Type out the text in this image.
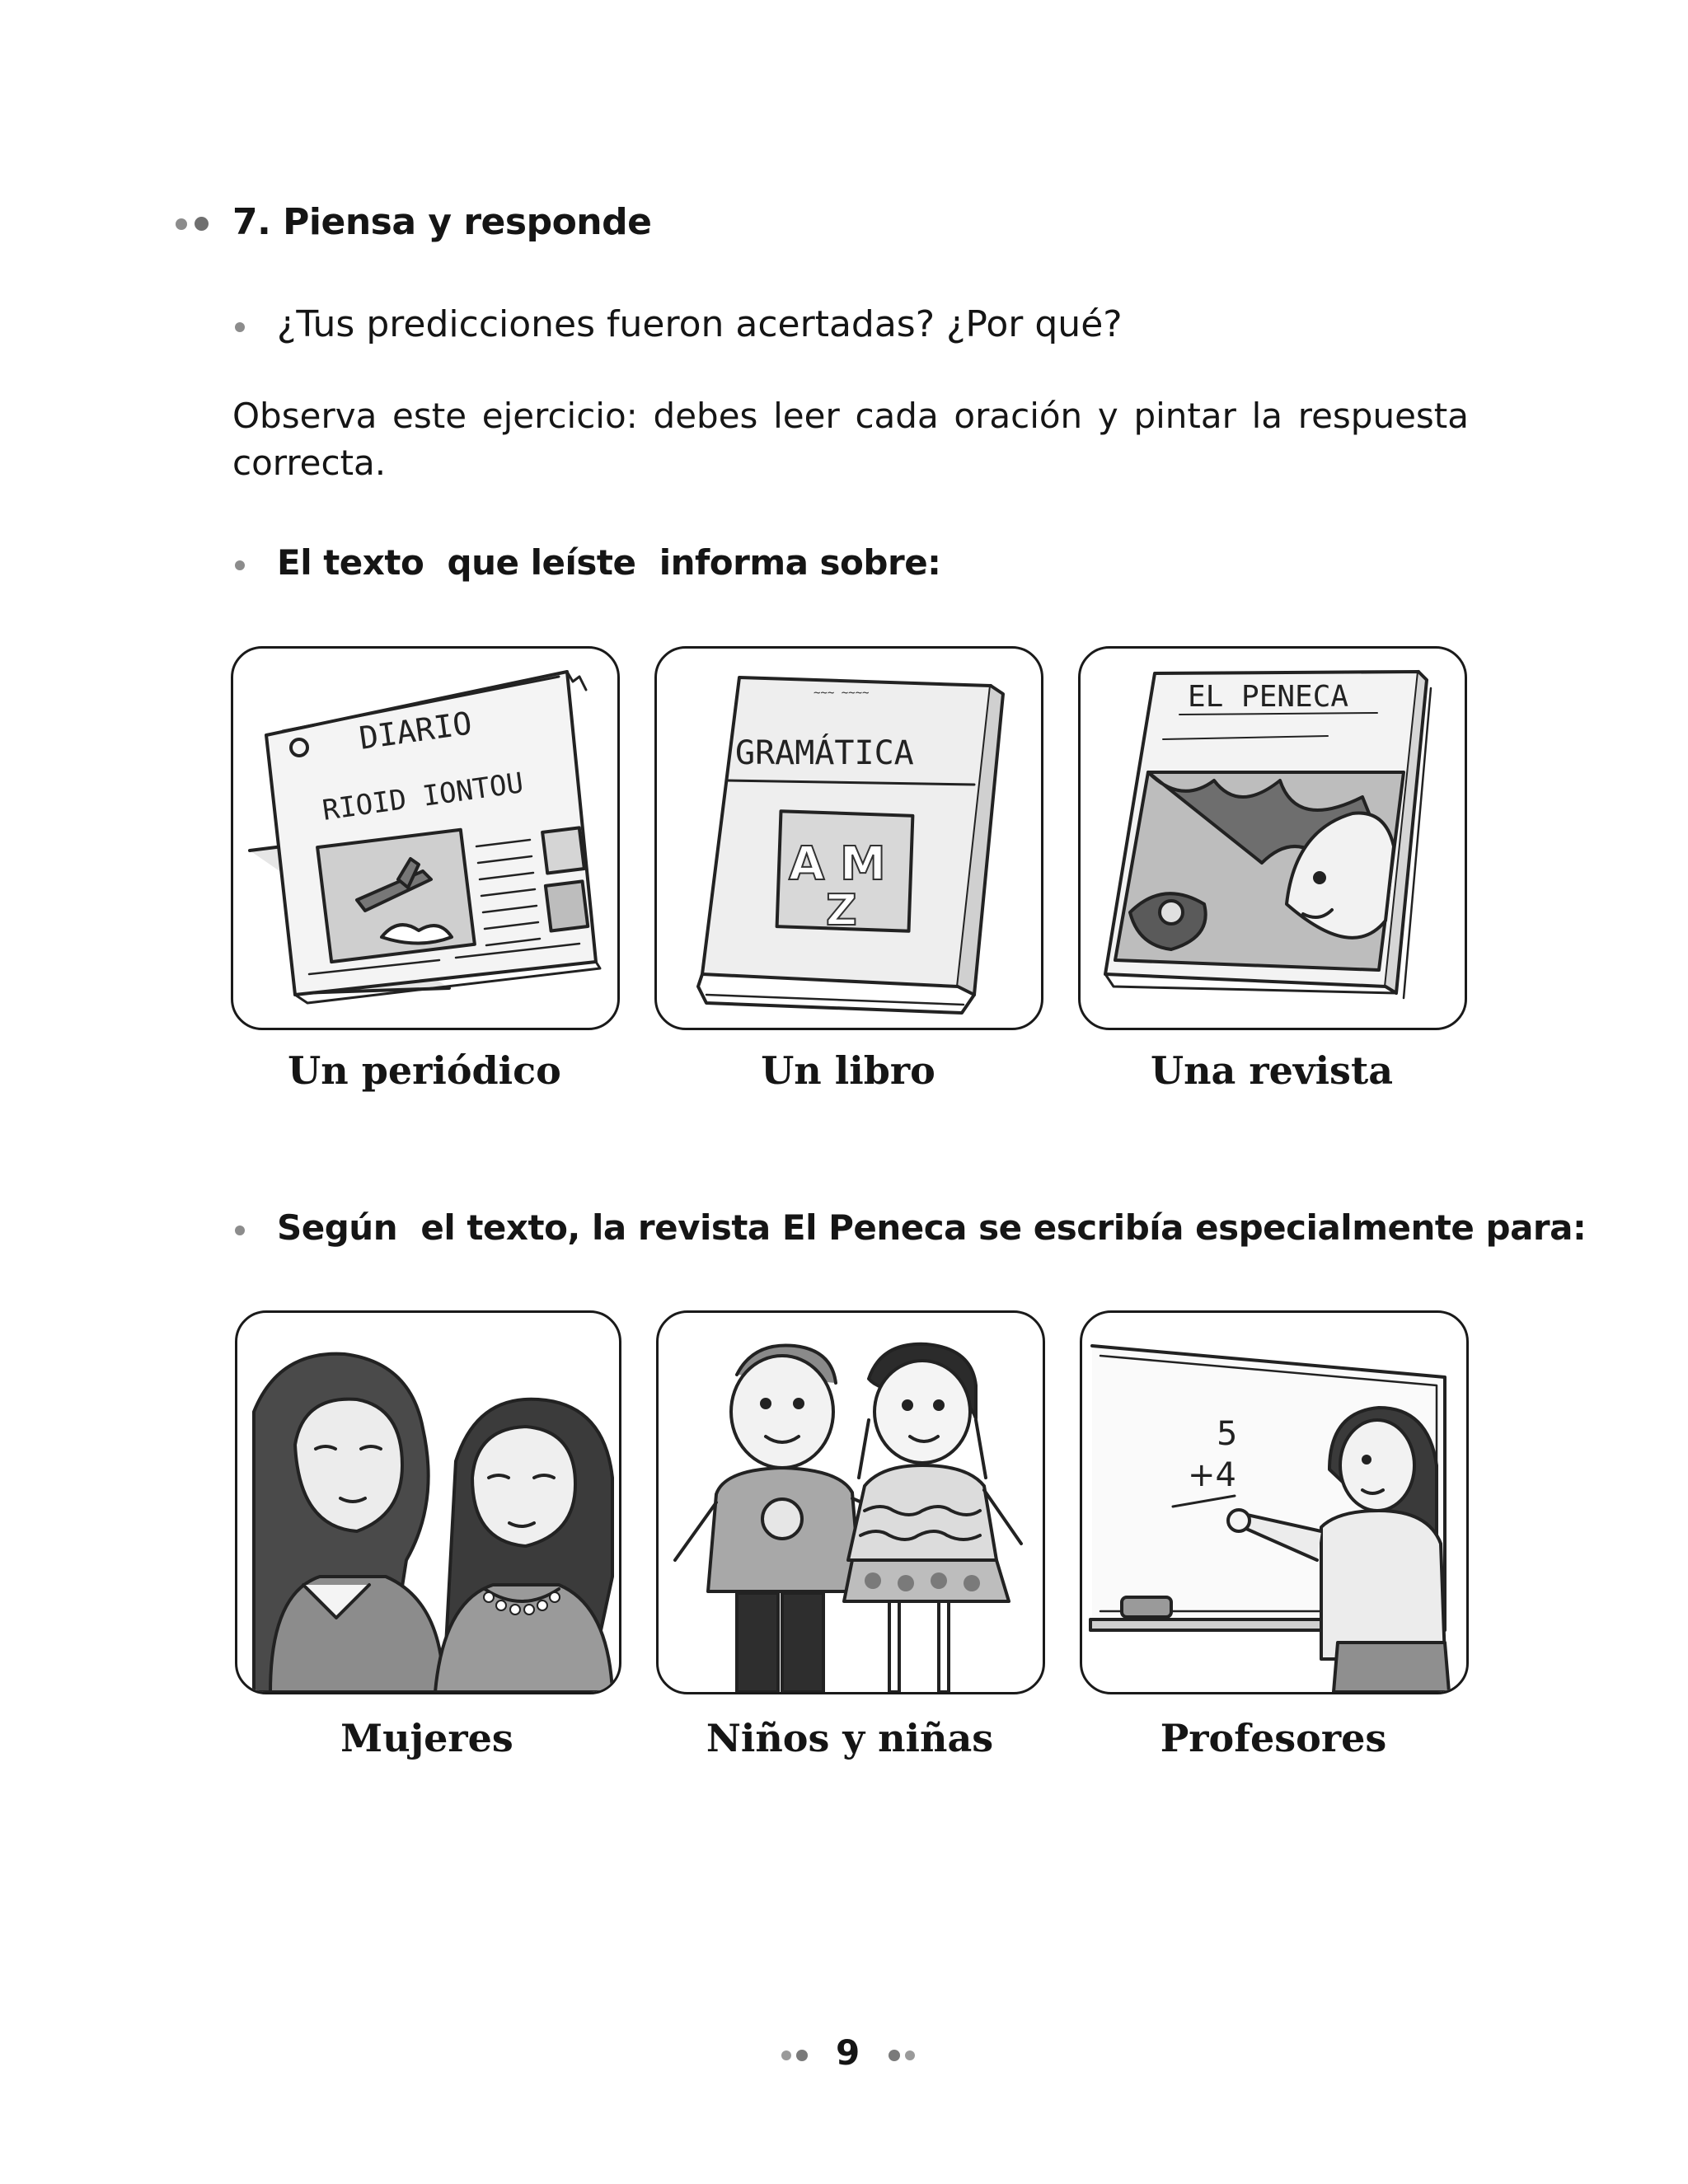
7. Piensa y responde
¿Tus predicciones fueron acertadas? ¿Por qué?
Observa este ejercicio: debes leer cada oración y pintar la respuesta
correcta.
El texto  que leíste  informa sobre:
DIARIO
RIOID IONTOU
~~~ ~~~~
GRAMÁTICA
A M
Z
EL PENECA
Un periódico	Un libro	Una revista
Según  el texto, la revista El Peneca se escribía especialmente para:
5
+4
Mujeres	Niños y niñas	Profesores
9
